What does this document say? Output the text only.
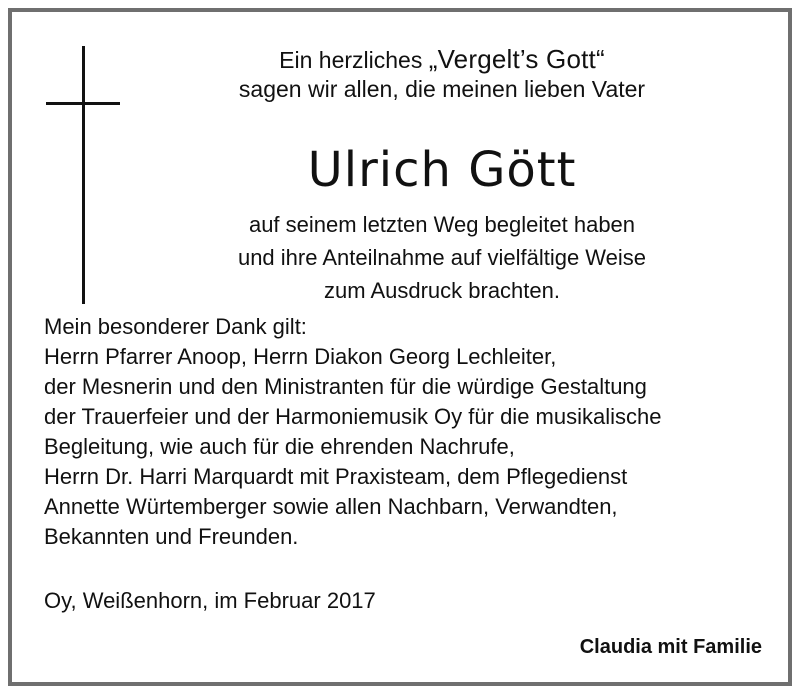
Ein herzliches „Vergelt’s Gott“
sagen wir allen, die meinen lieben Vater
Ulrich Gött
auf seinem letzten Weg begleitet haben
und ihre Anteilnahme auf vielfältige Weise
zum Ausdruck brachten.
Mein besonderer Dank gilt:
Herrn Pfarrer Anoop, Herrn Diakon Georg Lechleiter,
der Mesnerin und den Ministranten für die würdige Gestaltung
der Trauerfeier und der Harmoniemusik Oy für die musikalische
Begleitung, wie auch für die ehrenden Nachrufe,
Herrn Dr. Harri Marquardt mit Praxisteam, dem Pflegedienst
Annette Würtemberger sowie allen Nachbarn, Verwandten,
Bekannten und Freunden.
Oy, Weißenhorn, im Februar 2017
Claudia mit Familie
